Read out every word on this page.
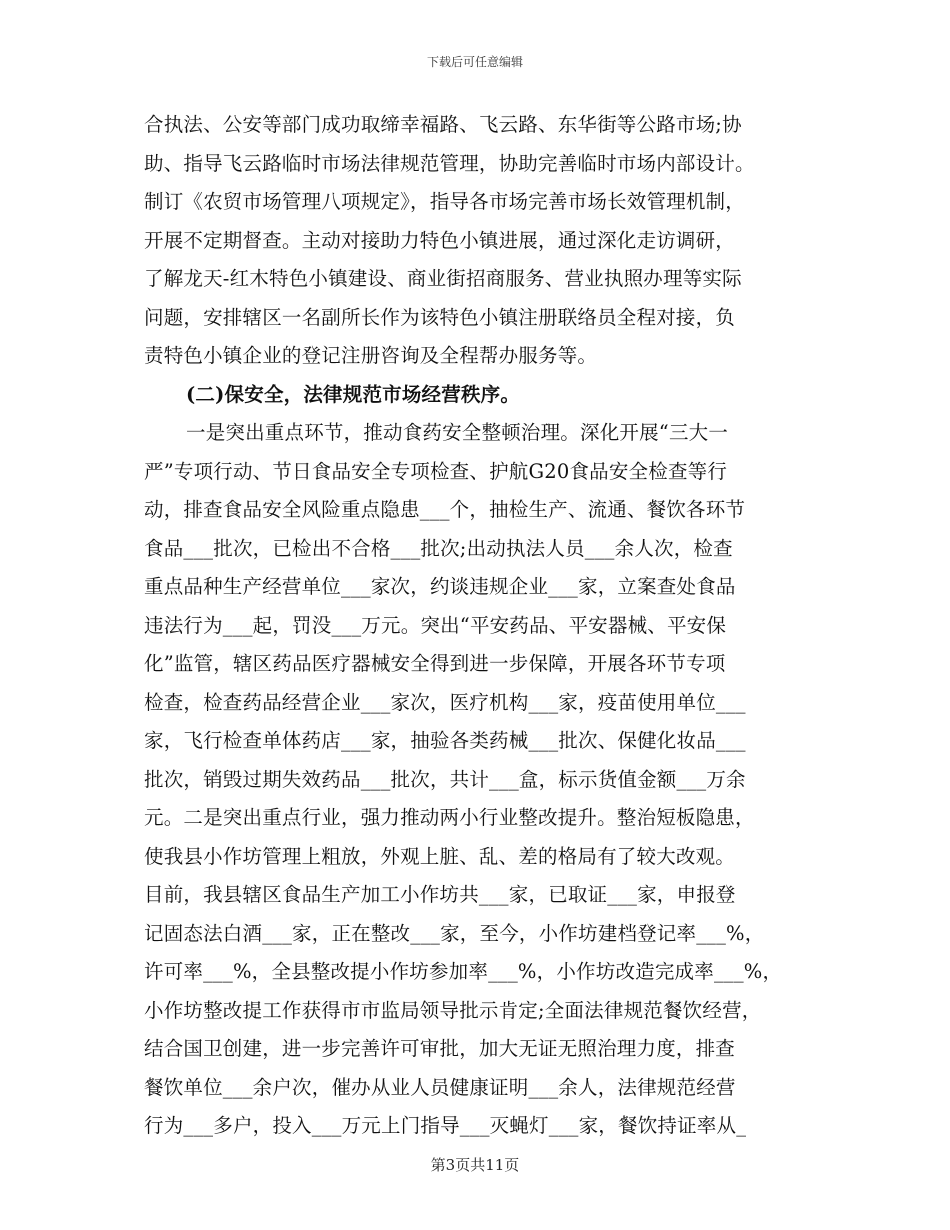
下载后可任意编辑
合执法、公安等部门成功取缔幸福路、飞云路、东华街等公路市场;协
助、指导飞云路临时市场法律规范管理，协助完善临时市场内部设计。
制订《农贸市场管理八项规定》，指导各市场完善市场长效管理机制，
开展不定期督查。主动对接助力特色小镇进展，通过深化走访调研，
了解龙天-红木特色小镇建设、商业街招商服务、营业执照办理等实际
问题，安排辖区一名副所长作为该特色小镇注册联络员全程对接，负
责特色小镇企业的登记注册咨询及全程帮办服务等。
(二)保安全，法律规范市场经营秩序。
一是突出重点环节，推动食药安全整顿治理。深化开展“三大一
严”专项行动、节日食品安全专项检查、护航G20食品安全检查等行
动，排查食品安全风险重点隐患___个，抽检生产、流通、餐饮各环节
食品___批次，已检出不合格___批次;出动执法人员___余人次，检查
重点品种生产经营单位___家次，约谈违规企业___家，立案查处食品
违法行为___起，罚没___万元。突出“平安药品、平安器械、平安保
化”监管，辖区药品医疗器械安全得到进一步保障，开展各环节专项
检查，检查药品经营企业___家次，医疗机构___家，疫苗使用单位___
家，飞行检查单体药店___家，抽验各类药械___批次、保健化妆品___
批次，销毁过期失效药品___批次，共计___盒，标示货值金额___万余
元。二是突出重点行业，强力推动两小行业整改提升。整治短板隐患，
使我县小作坊管理上粗放，外观上脏、乱、差的格局有了较大改观。
目前，我县辖区食品生产加工小作坊共___家，已取证___家，申报登
记固态法白酒___家，正在整改___家，至今，小作坊建档登记率___%，
许可率___%，全县整改提小作坊参加率___%，小作坊改造完成率___%，
小作坊整改提工作获得市市监局领导批示肯定;全面法律规范餐饮经营，
结合国卫创建，进一步完善许可审批，加大无证无照治理力度，排查
餐饮单位___余户次，催办从业人员健康证明___余人，法律规范经营
行为___多户，投入___万元上门指导___灭蝇灯___家，餐饮持证率从_
第3页共11页
